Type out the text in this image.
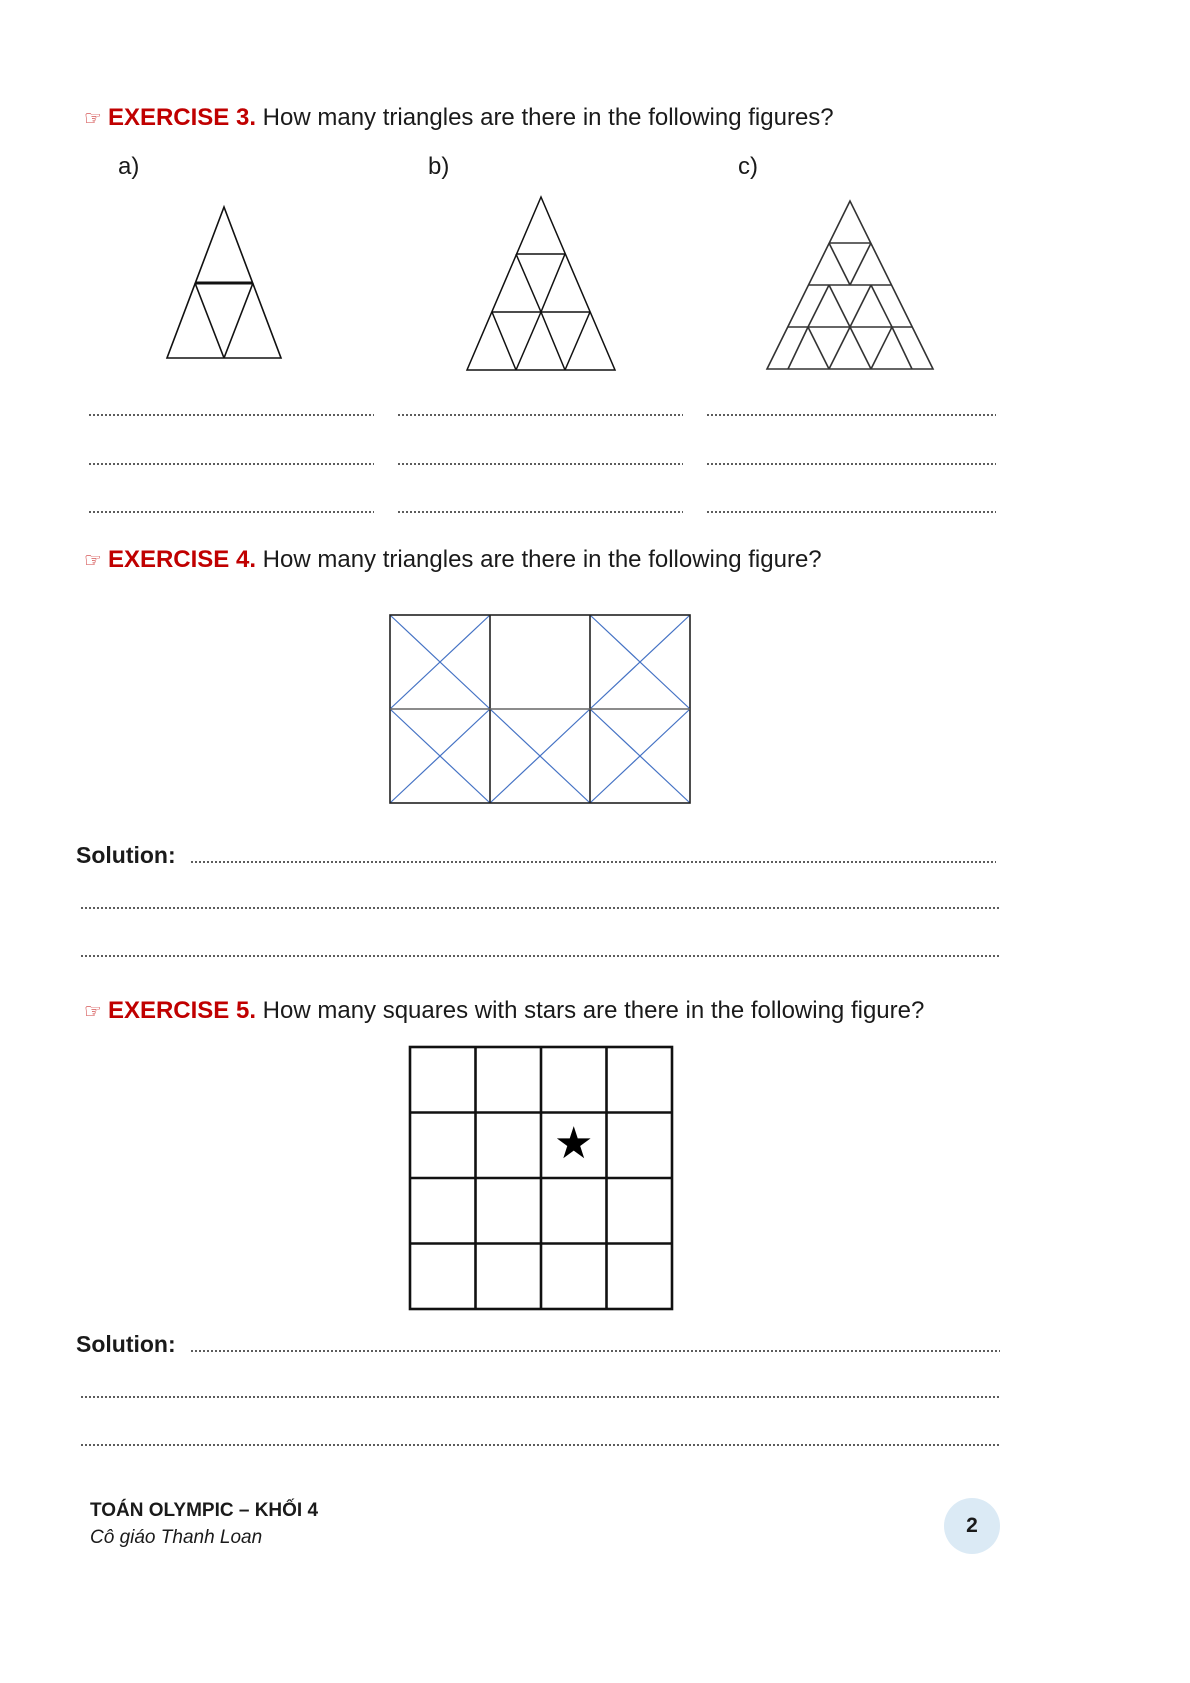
☞ EXERCISE 3. How many triangles are there in the following figures?
a)	b)	c)
☞ EXERCISE 4. How many triangles are there in the following figure?
Solution:
☞ EXERCISE 5. How many squares with stars are there in the following figure?
★
Solution:
TOÁN OLYMPIC – KHỐI 4
Cô giáo Thanh Loan
2
